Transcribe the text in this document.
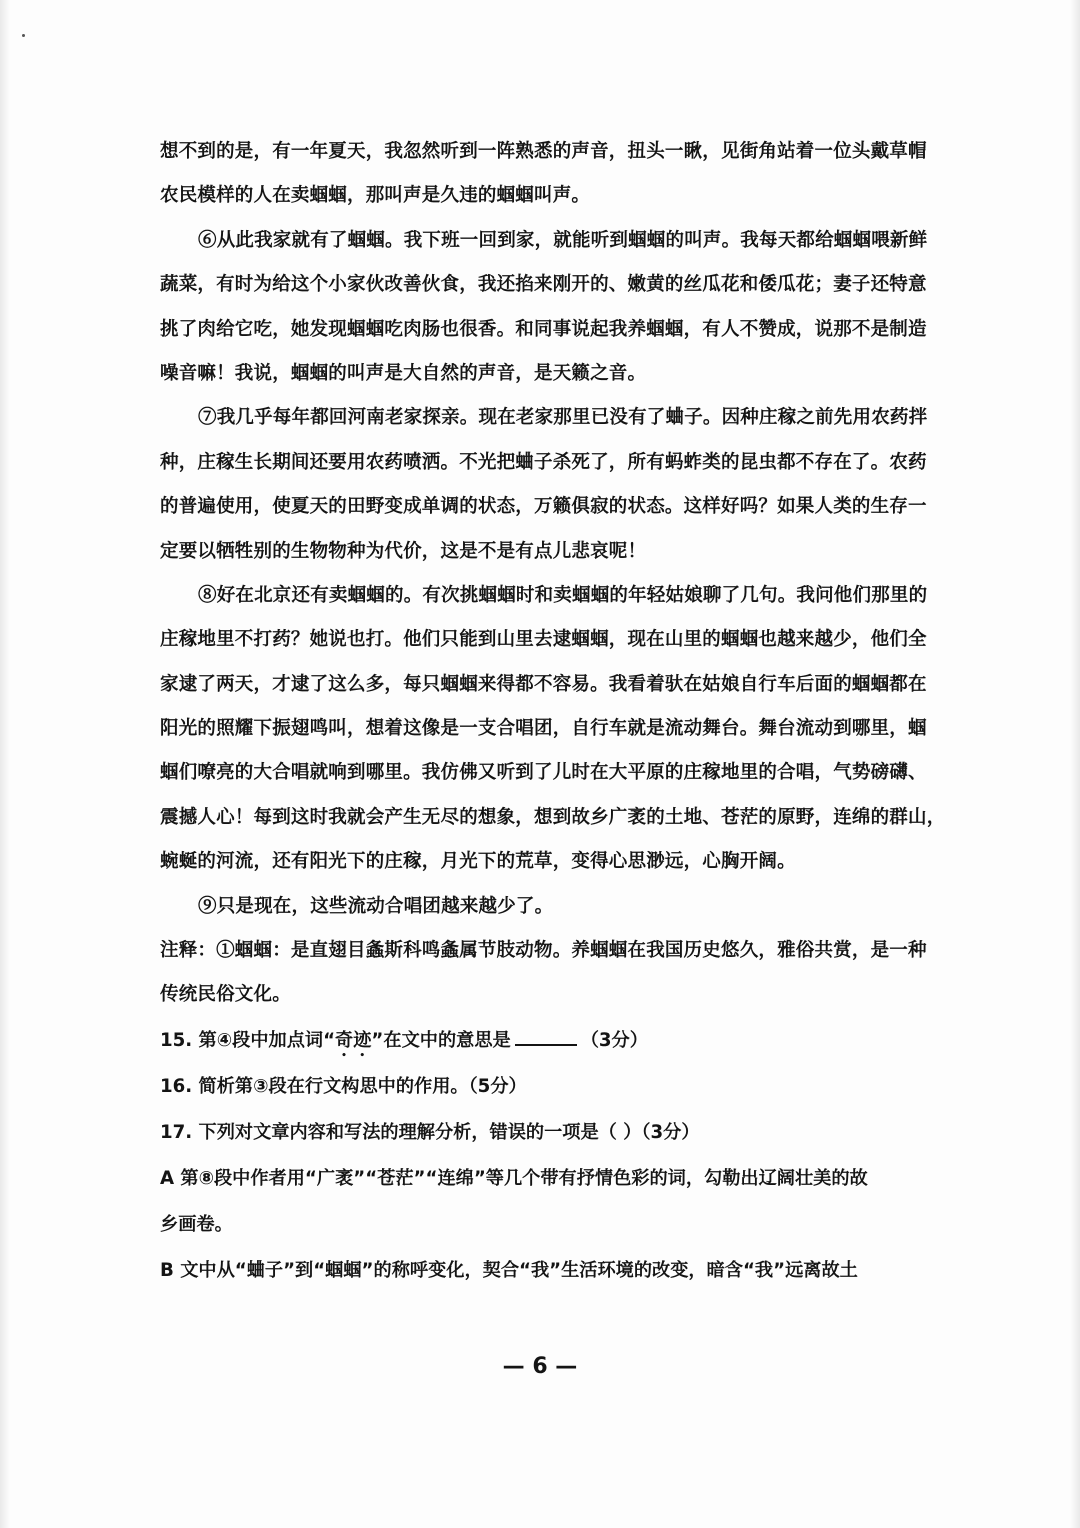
想不到的是，有一年夏天，我忽然听到一阵熟悉的声音，扭头一瞅，见街角站着一位头戴草帽
农民模样的人在卖蝈蝈，那叫声是久违的蝈蝈叫声。
⑥从此我家就有了蝈蝈。我下班一回到家，就能听到蝈蝈的叫声。我每天都给蝈蝈喂新鲜
蔬菜，有时为给这个小家伙改善伙食，我还掐来刚开的、嫩黄的丝瓜花和倭瓜花；妻子还特意
挑了肉给它吃，她发现蝈蝈吃肉肠也很香。和同事说起我养蝈蝈，有人不赞成，说那不是制造
噪音嘛！我说，蝈蝈的叫声是大自然的声音，是天籁之音。
⑦我几乎每年都回河南老家探亲。现在老家那里已没有了蛐子。因种庄稼之前先用农药拌
种，庄稼生长期间还要用农药喷洒。不光把蛐子杀死了，所有蚂蚱类的昆虫都不存在了。农药
的普遍使用，使夏天的田野变成单调的状态，万籁俱寂的状态。这样好吗？如果人类的生存一
定要以牺牲别的生物物种为代价，这是不是有点儿悲哀呢！
⑧好在北京还有卖蝈蝈的。有次挑蝈蝈时和卖蝈蝈的年轻姑娘聊了几句。我问他们那里的
庄稼地里不打药？她说也打。他们只能到山里去逮蝈蝈，现在山里的蝈蝈也越来越少，他们全
家逮了两天，才逮了这么多，每只蝈蝈来得都不容易。我看着驮在姑娘自行车后面的蝈蝈都在
阳光的照耀下振翅鸣叫，想着这像是一支合唱团，自行车就是流动舞台。舞台流动到哪里，蝈
蝈们嘹亮的大合唱就响到哪里。我仿佛又听到了儿时在大平原的庄稼地里的合唱，气势磅礴、
震撼人心！每到这时我就会产生无尽的想象，想到故乡广袤的土地、苍茫的原野，连绵的群山，
蜿蜒的河流，还有阳光下的庄稼，月光下的荒草，变得心思渺远，心胸开阔。
⑨只是现在，这些流动合唱团越来越少了。
注释：①蝈蝈：是直翅目螽斯科鸣螽属节肢动物。养蝈蝈在我国历史悠久，雅俗共赏，是一种
传统民俗文化。
15. 第④段中加点词“奇迹”在文中的意思是	（3分）
16. 简析第③段在行文构思中的作用。（5分）
17. 下列对文章内容和写法的理解分析，错误的一项是（ ）（3分）
A 第⑧段中作者用“广袤”“苍茫”“连绵”等几个带有抒情色彩的词，勾勒出辽阔壮美的故
乡画卷。
B 文中从“蛐子”到“蝈蝈”的称呼变化，契合“我”生活环境的改变，暗含“我”远离故土
— 6 —
